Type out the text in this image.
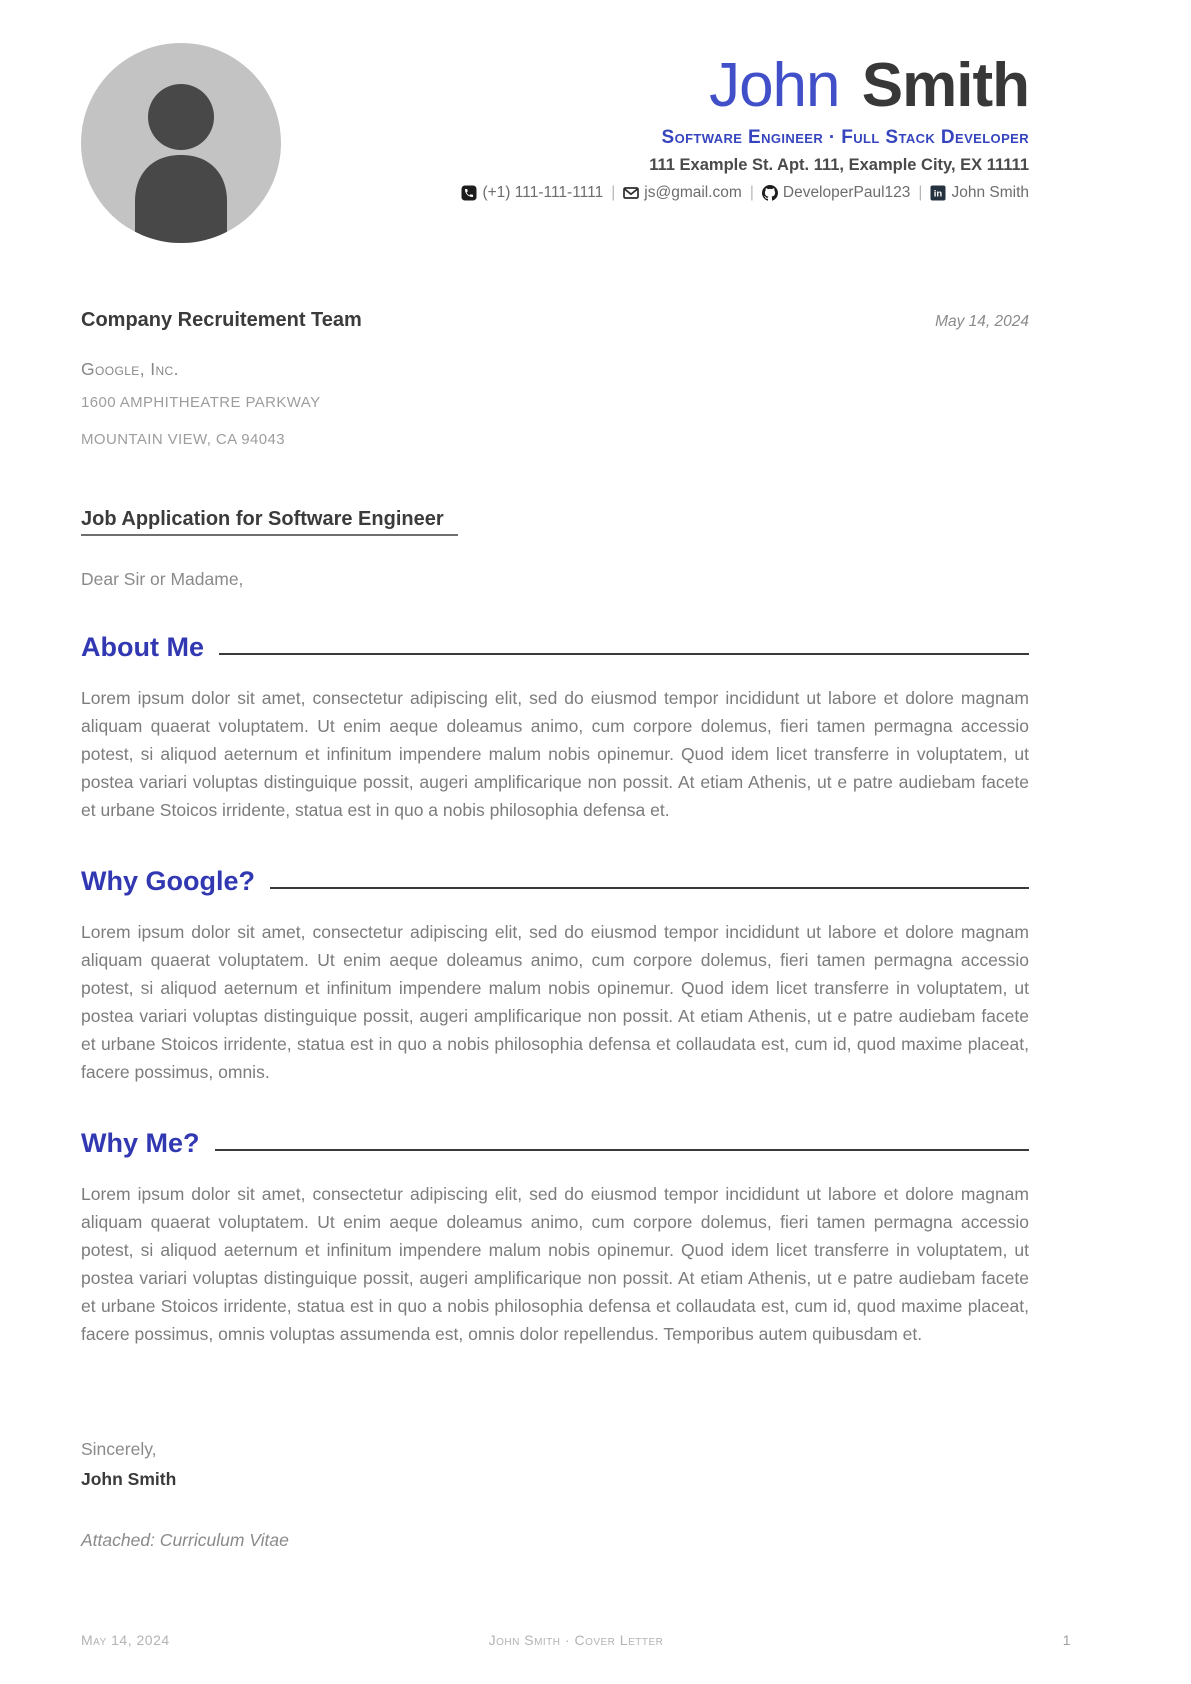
John Smith
Software Engineer · Full Stack Developer
111 Example St. Apt. 111, Example City, EX 11111
(+1) 111-111-1111 | js@gmail.com | DeveloperPaul123 | in John Smith
Company Recruitement Team	May 14, 2024
Google, Inc.
1600 AMPHITHEATRE PARKWAY
MOUNTAIN VIEW, CA 94043
Job Application for Software Engineer
Dear Sir or Madame,
About Me
Lorem ipsum dolor sit amet, consectetur adipiscing elit, sed do eiusmod tempor incididunt ut labore et dolore magnam aliquam quaerat voluptatem. Ut enim aeque doleamus animo, cum corpore dolemus, fieri tamen permagna accessio potest, si aliquod aeternum et infinitum impendere malum nobis opinemur. Quod idem licet transferre in voluptatem, ut postea variari voluptas distinguique possit, augeri amplificarique non possit. At etiam Athenis, ut e patre audiebam facete et urbane Stoicos irridente, statua est in quo a nobis philosophia defensa et.
Why Google?
Lorem ipsum dolor sit amet, consectetur adipiscing elit, sed do eiusmod tempor incididunt ut labore et dolore magnam aliquam quaerat voluptatem. Ut enim aeque doleamus animo, cum corpore dolemus, fieri tamen permagna accessio potest, si aliquod aeternum et infinitum impendere malum nobis opinemur. Quod idem licet transferre in voluptatem, ut postea variari voluptas distinguique possit, augeri amplificarique non possit. At etiam Athenis, ut e patre audiebam facete et urbane Stoicos irridente, statua est in quo a nobis philosophia defensa et collaudata est, cum id, quod maxime placeat, facere possimus, omnis.
Why Me?
Lorem ipsum dolor sit amet, consectetur adipiscing elit, sed do eiusmod tempor incididunt ut labore et dolore magnam aliquam quaerat voluptatem. Ut enim aeque doleamus animo, cum corpore dolemus, fieri tamen permagna accessio potest, si aliquod aeternum et infinitum impendere malum nobis opinemur. Quod idem licet transferre in voluptatem, ut postea variari voluptas distinguique possit, augeri amplificarique non possit. At etiam Athenis, ut e patre audiebam facete et urbane Stoicos irridente, statua est in quo a nobis philosophia defensa et collaudata est, cum id, quod maxime placeat, facere possimus, omnis voluptas assumenda est, omnis dolor repellendus. Temporibus autem quibusdam et.
Sincerely,
John Smith
Attached: Curriculum Vitae
May 14, 2024	John Smith · Cover Letter	1
